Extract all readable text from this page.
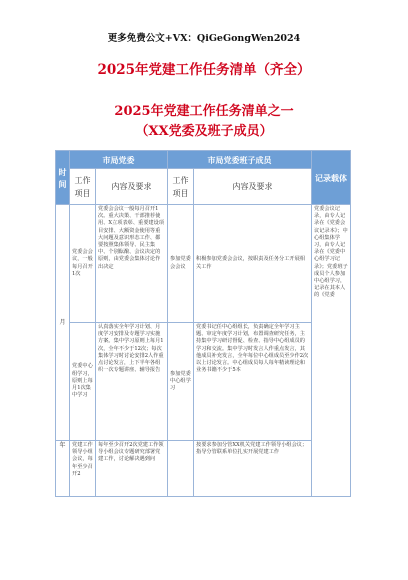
更多免费公文+VX：QiGeGongWen2024
2025年党建工作任务清单（齐全）
2025年党建工作任务清单之一
（XX党委及班子成员）
时间	市局党委		市局党委班子成员		记录载体
	工作项目	内容及要求	工作项目	内容及要求	
月	党委会会议，一般每月召开1次	党委会会议一般每月召开1次。重大决策、干部推荐使用、X立项表彰、重要建设项目安排、大额资金使用等重大问题及意识形态工作、都要按照集体领导、民主集中、个别酝酿、会议决定的原则，由党委会集体讨论作出决定	参加党委会会议	积极参加党委会会议，按职责及任务分工开展相关工作	党委会议记录，由专人记录在《党委会议记录本》；中心组集体学习，由专人记录在《党委中心组学习记录》；党委班子成员个人参加中心组学习，记录在其本人的《党委
	党委中心组学习，原则上每月1次集中学习	认真落实全年学习计划、月度学习安排及专题学习实施方案。集中学习原则上每月1次，全年不少于12次；每次集体学习时讨论安排2人作重点讨论发言，上下半年各组织一次专题讲座、辅导报告	参加党委中心组学习	党委书记任中心组组长，负责确定全年学习主题、审定年度学习计划，布置调查研究任务，主持集中学习研讨督促、检查、指导中心组成员的学习和交流。集中学习时发言人作重点发言，其他成员补充发言，全年每位中心组成员至少作2次以上讨论发言。中心组成员每人每年精读理论和业务书籍不少于5本	
年	党建工作领导小组会议，每年至少召开2	每年至少召开2次党建工作领导小组会议专题研究部署党建工作，讨论解决遇到问		按要求参加分管XX机关党建工作领导小组会议；指导分管联系单位扎实开展党建工作	
